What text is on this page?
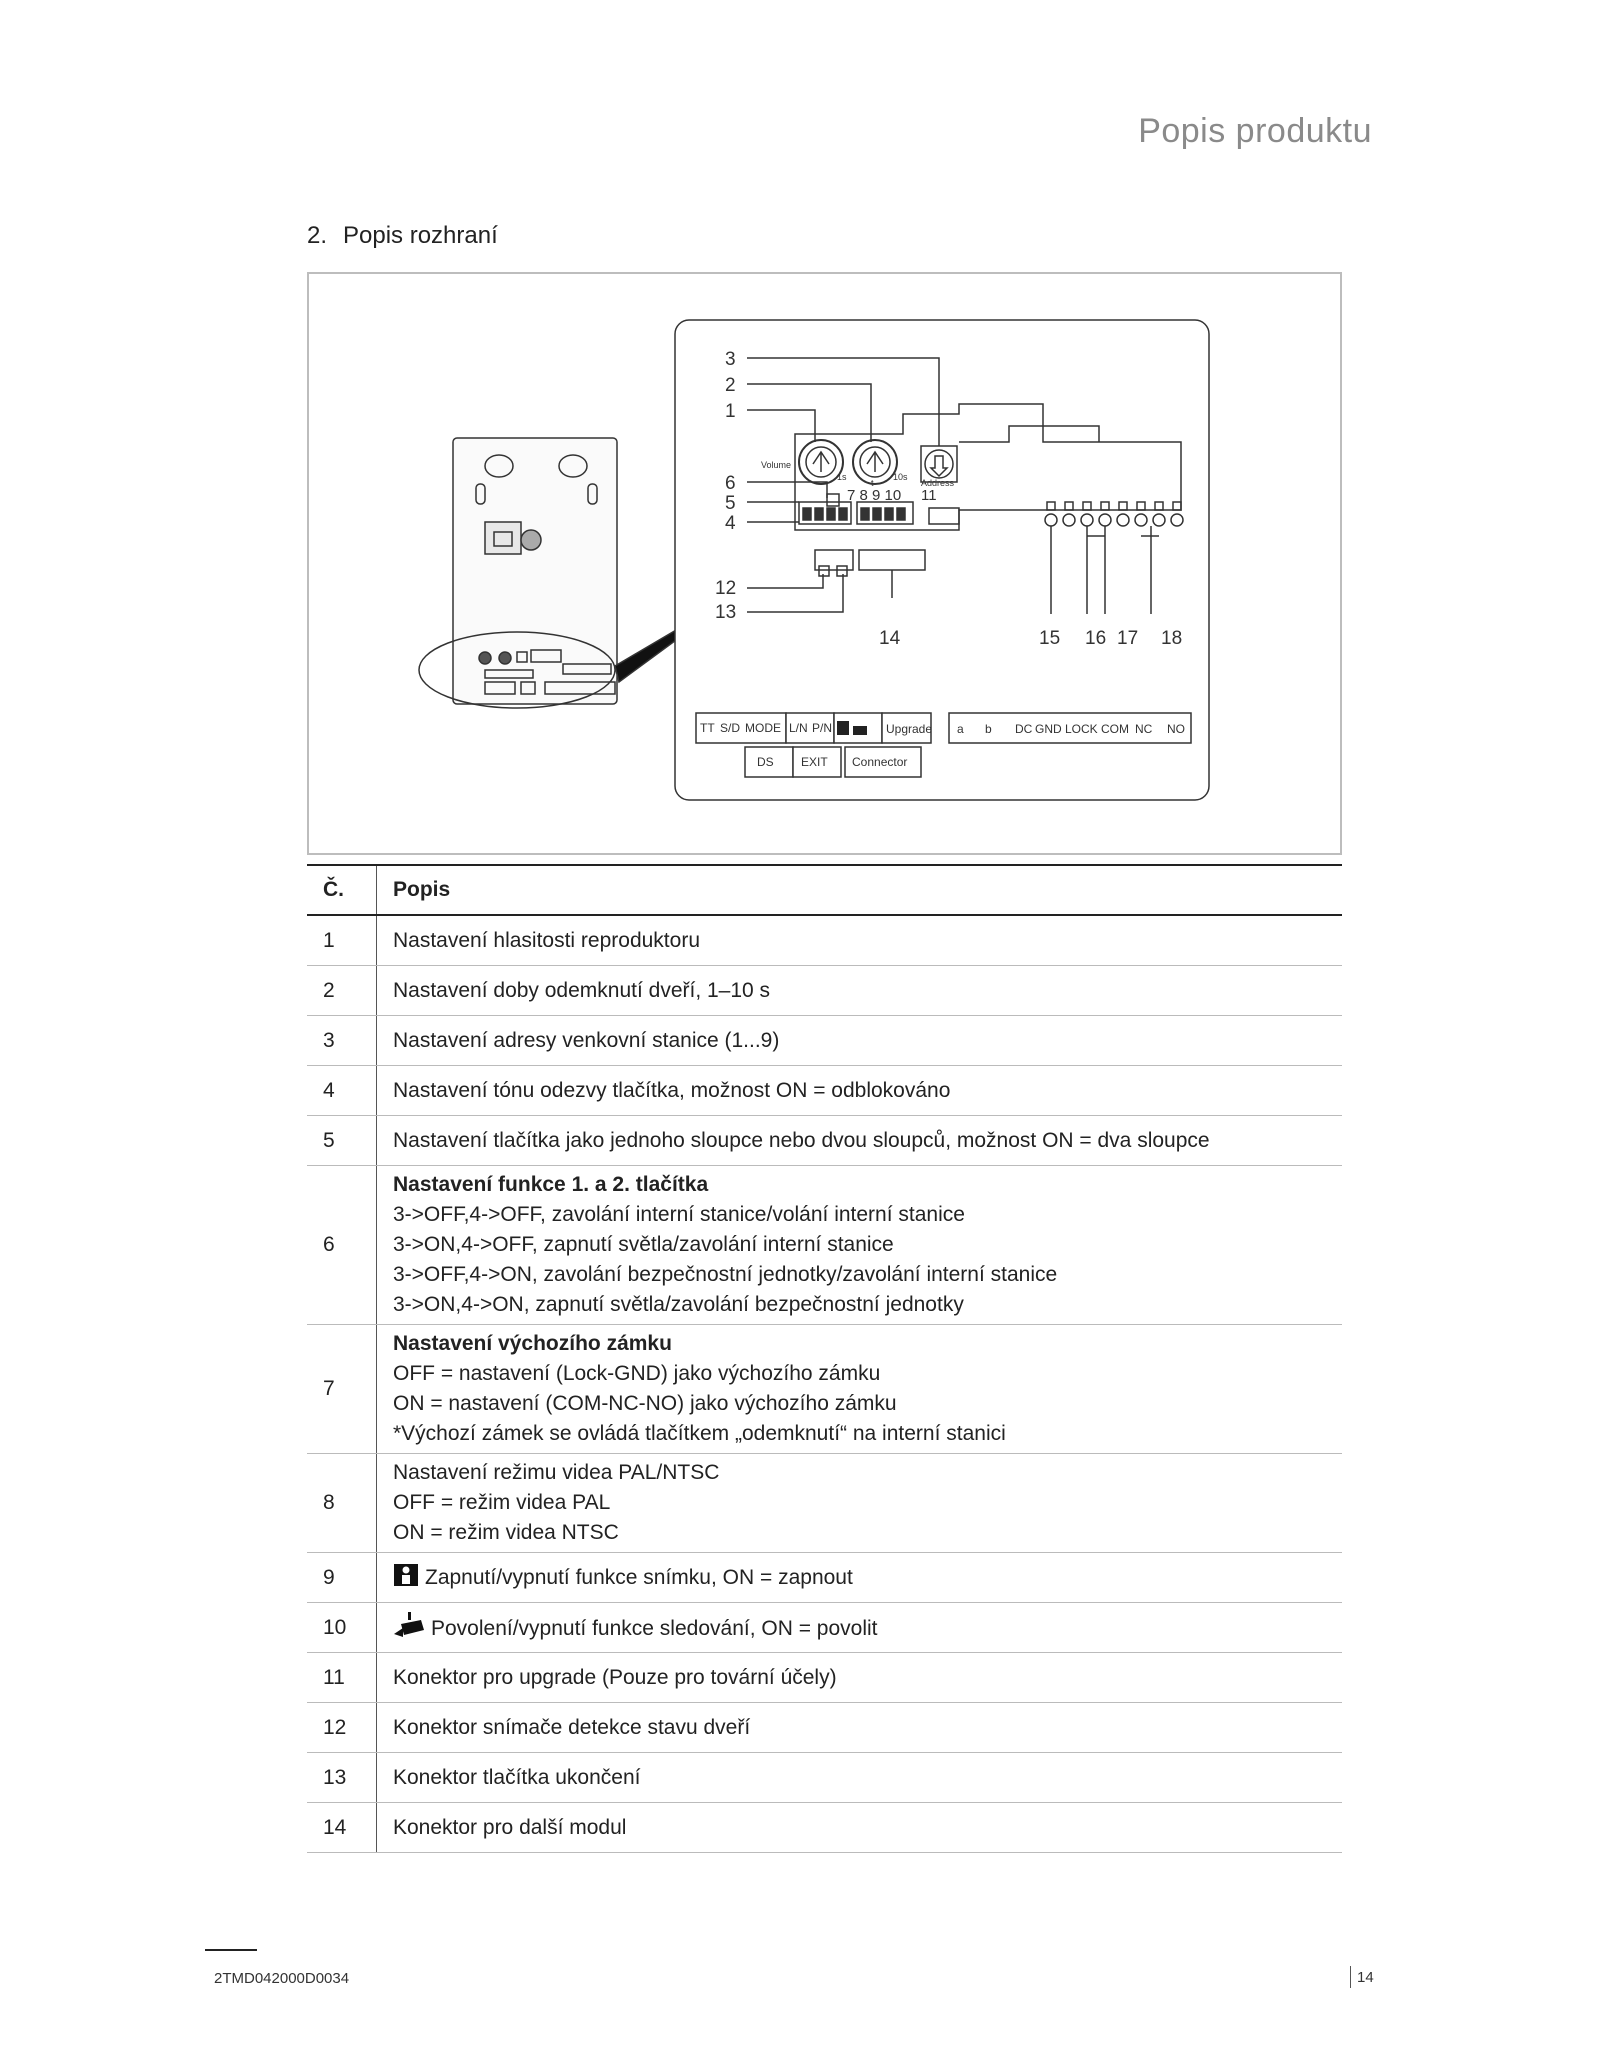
Popis produktu
2. Popis rozhraní
3
2
1
6
5
4
12
13
14	15 16 17 18
7 8 9 10 11
Volume
1s
t
10s
Address
TT S/D MODE L/N P/N	Upgrade a b DC GND LOCK COM NC NO
DS EXIT Connector
Č.	Popis
1	Nastavení hlasitosti reproduktoru
2	Nastavení doby odemknutí dveří, 1–10 s
3	Nastavení adresy venkovní stanice (1...9)
4	Nastavení tónu odezvy tlačítka, možnost ON = odblokováno
5	Nastavení tlačítka jako jednoho sloupce nebo dvou sloupců, možnost ON = dva sloupce
6	Nastavení funkce 1. a 2. tlačítka
3->OFF,4->OFF, zavolání interní stanice/volání interní stanice
3->ON,4->OFF, zapnutí světla/zavolání interní stanice
3->OFF,4->ON, zavolání bezpečnostní jednotky/zavolání interní stanice
3->ON,4->ON, zapnutí světla/zavolání bezpečnostní jednotky

7	Nastavení výchozího zámku
OFF = nastavení (Lock-GND) jako výchozího zámku
ON = nastavení (COM-NC-NO) jako výchozího zámku
*Výchozí zámek se ovládá tlačítkem „odemknutí“ na interní stanici

8	Nastavení režimu videa PAL/NTSC
OFF = režim videa PAL
ON = režim videa NTSC

9	Zapnutí/vypnutí funkce snímku, ON = zapnout
10	Povolení/vypnutí funkce sledování, ON = povolit
11	Konektor pro upgrade (Pouze pro tovární účely)
12	Konektor snímače detekce stavu dveří
13	Konektor tlačítka ukončení
14	Konektor pro další modul
2TMD042000D0034	14
